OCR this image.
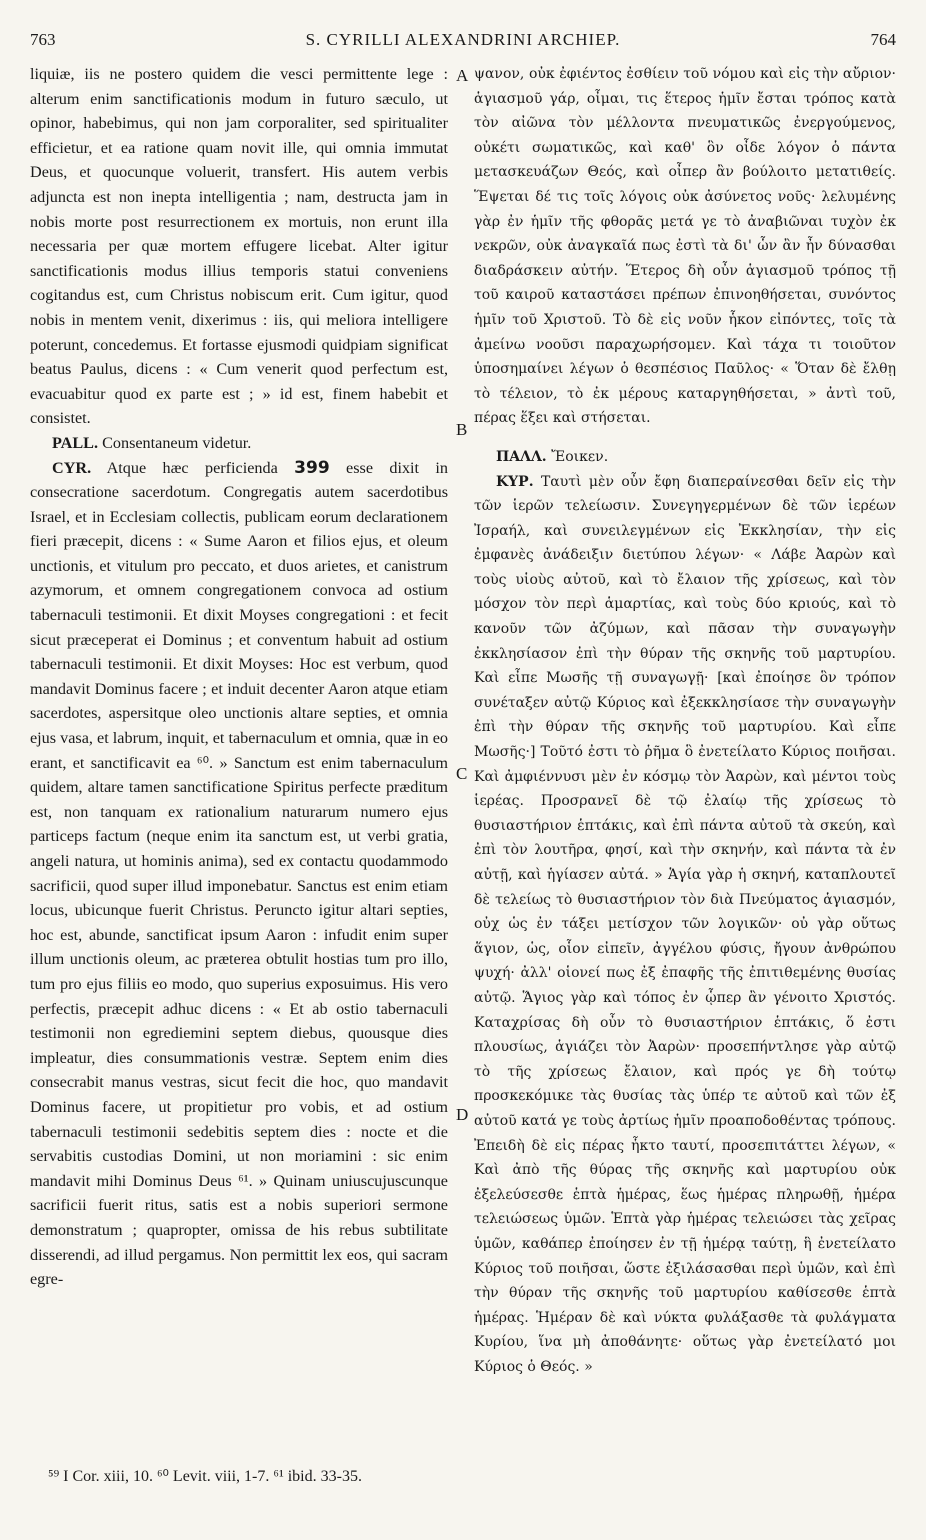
763	S. CYRILLI ALEXANDRINI ARCHIEP.	764

liquiæ, iis ne postero quidem die vesci permittente lege : alterum enim sanctificationis modum in futuro sæculo, ut opinor, habebimus, qui non jam corporaliter, sed spiritualiter efficietur, et ea ratione quam novit ille, qui omnia immutat Deus, et quocunque voluerit, transfert. His autem verbis adjuncta est non inepta intelligentia ; nam, destructa jam in nobis morte post resurrectionem ex mortuis, non erunt illa necessaria per quæ mortem effugere licebat. Alter igitur sanctificationis modus illius temporis statui conveniens cogitandus est, cum Christus nobiscum erit. Cum igitur, quod nobis in mentem venit, dixerimus : iis, qui meliora intelligere poterunt, concedemus. Et fortasse ejusmodi quidpiam significat beatus Paulus, dicens : « Cum venerit quod perfectum est, evacuabitur quod ex parte est ; » id est, finem habebit et consistet.

PALL. Consentaneum videtur.

CYR. Atque hæc perficienda 399 esse dixit in consecratione sacerdotum. Congregatis autem sacerdotibus Israel, et in Ecclesiam collectis, publicam eorum declarationem fieri præcepit, dicens : « Sume Aaron et filios ejus, et oleum unctionis, et vitulum pro peccato, et duos arietes, et canistrum azymorum, et omnem congregationem convoca ad ostium tabernaculi testimonii. Et dixit Moyses congregationi : et fecit sicut præceperat ei Dominus ; et conventum habuit ad ostium tabernaculi testimonii. Et dixit Moyses: Hoc est verbum, quod mandavit Dominus facere ; et induit decenter Aaron atque etiam sacerdotes, aspersitque oleo unctionis altare septies, et omnia ejus vasa, et labrum, inquit, et tabernaculum et omnia, quæ in eo erant, et sanctificavit ea ⁶⁰. » Sanctum est enim tabernaculum quidem, altare tamen sanctificatione Spiritus perfecte præditum est, non tanquam ex rationalium naturarum numero ejus particeps factum (neque enim ita sanctum est, ut verbi gratia, angeli natura, ut hominis anima), sed ex contactu quodammodo sacrificii, quod super illud imponebatur. Sanctus est enim etiam locus, ubicunque fuerit Christus. Peruncto igitur altari septies, hoc est, abunde, sanctificat ipsum Aaron : infudit enim super illum unctionis oleum, ac præterea obtulit hostias tum pro illo, tum pro ejus filiis eo modo, quo superius exposuimus. His vero perfectis, præcepit adhuc dicens : « Et ab ostio tabernaculi testimonii non egrediemini septem diebus, quousque dies impleatur, dies consummationis vestræ. Septem enim dies consecrabit manus vestras, sicut fecit die hoc, quo mandavit Dominus facere, ut propitietur pro vobis, et ad ostium tabernaculi testimonii sedebitis septem dies : nocte et die servabitis custodias Domini, ut non moriamini : sic enim mandavit mihi Dominus Deus ⁶¹. » Quinam uniuscujuscunque sacrificii fuerit ritus, satis est a nobis superiori sermone demonstratum ; quapropter, omissa de his rebus subtilitate disserendi, ad illud pergamus. Non permittit lex eos, qui sacram egre-

A
B
C
D

ψανον, οὐκ ἐφιέντος ἐσθίειν τοῦ νόμου καὶ εἰς τὴν αὔριον· ἁγιασμοῦ γάρ, οἶμαι, τις ἕτερος ἡμῖν ἔσται τρόπος κατὰ τὸν αἰῶνα τὸν μέλλοντα πνευματικῶς ἐνεργούμενος, οὐκέτι σωματικῶς, καὶ καθ' ὃν οἶδε λόγον ὁ πάντα μετασκευάζων Θεός, καὶ οἶπερ ἂν βούλοιτο μετατιθείς. Ἕψεται δέ τις τοῖς λόγοις οὐκ ἀσύνετος νοῦς· λελυμένης γὰρ ἐν ἡμῖν τῆς φθορᾶς μετά γε τὸ ἀναβιῶναι τυχὸν ἐκ νεκρῶν, οὐκ ἀναγκαῖά πως ἐστὶ τὰ δι' ὧν ἂν ἦν δύνασθαι διαδράσκειν αὐτήν. Ἕτερος δὴ οὖν ἁγιασμοῦ τρόπος τῇ τοῦ καιροῦ καταστάσει πρέπων ἐπινοηθήσεται, συνόντος ἡμῖν τοῦ Χριστοῦ. Τὸ δὲ εἰς νοῦν ἧκον εἰπόντες, τοῖς τὰ ἀμείνω νοοῦσι παραχωρήσομεν. Καὶ τάχα τι τοιοῦτον ὑποσημαίνει λέγων ὁ θεσπέσιος Παῦλος· « Ὅταν δὲ ἔλθῃ τὸ τέλειον, τὸ ἐκ μέρους καταργηθήσεται, » ἀντὶ τοῦ, πέρας ἕξει καὶ στήσεται.

ΠΑΛΛ. Ἔοικεν.

ΚΥΡ. Ταυτὶ μὲν οὖν ἔφη διαπεραίνεσθαι δεῖν εἰς τὴν τῶν ἱερῶν τελείωσιν. Συνεγηγερμένων δὲ τῶν ἱερέων Ἰσραήλ, καὶ συνειλεγμένων εἰς Ἐκκλησίαν, τὴν εἰς ἐμφανὲς ἀνάδειξιν διετύπου λέγων· « Λάβε Ἀαρὼν καὶ τοὺς υἱοὺς αὐτοῦ, καὶ τὸ ἔλαιον τῆς χρίσεως, καὶ τὸν μόσχον τὸν περὶ ἁμαρτίας, καὶ τοὺς δύο κριούς, καὶ τὸ κανοῦν τῶν ἀζύμων, καὶ πᾶσαν τὴν συναγωγὴν ἐκκλησίασον ἐπὶ τὴν θύραν τῆς σκηνῆς τοῦ μαρτυρίου. Καὶ εἶπε Μωσῆς τῇ συναγωγῇ· [καὶ ἐποίησε ὃν τρόπον συνέταξεν αὐτῷ Κύριος καὶ ἐξεκκλησίασε τὴν συναγωγὴν ἐπὶ τὴν θύραν τῆς σκηνῆς τοῦ μαρτυρίου. Καὶ εἶπε Μωσῆς·] Τοῦτό ἐστι τὸ ῥῆμα ὃ ἐνετείλατο Κύριος ποιῆσαι. Καὶ ἀμφιέννυσι μὲν ἐν κόσμῳ τὸν Ἀαρὼν, καὶ μέντοι τοὺς ἱερέας. Προσρανεῖ δὲ τῷ ἐλαίῳ τῆς χρίσεως τὸ θυσιαστήριον ἑπτάκις, καὶ ἐπὶ πάντα αὐτοῦ τὰ σκεύη, καὶ ἐπὶ τὸν λουτῆρα, φησί, καὶ τὴν σκηνήν, καὶ πάντα τὰ ἐν αὐτῇ, καὶ ἡγίασεν αὐτά. » Ἁγία γὰρ ἡ σκηνή, καταπλουτεῖ δὲ τελείως τὸ θυσιαστήριον τὸν διὰ Πνεύματος ἁγιασμόν, οὐχ ὡς ἐν τάξει μετίσχον τῶν λογικῶν· οὐ γὰρ οὕτως ἅγιον, ὡς, οἷον εἰπεῖν, ἀγγέλου φύσις, ἤγουν ἀνθρώπου ψυχή· ἀλλ' οἱονεί πως ἐξ ἐπαφῆς τῆς ἐπιτιθεμένης θυσίας αὐτῷ. Ἅγιος γὰρ καὶ τόπος ἐν ᾧπερ ἂν γένοιτο Χριστός. Καταχρίσας δὴ οὖν τὸ θυσιαστήριον ἑπτάκις, ὅ ἐστι πλουσίως, ἁγιάζει τὸν Ἀαρὼν· προσεπήντλησε γὰρ αὐτῷ τὸ τῆς χρίσεως ἔλαιον, καὶ πρός γε δὴ τούτῳ προσκεκόμικε τὰς θυσίας τὰς ὑπέρ τε αὐτοῦ καὶ τῶν ἐξ αὐτοῦ κατά γε τοὺς ἀρτίως ἡμῖν προαποδοθέντας τρόπους. Ἐπειδὴ δὲ εἰς πέρας ἧκτο ταυτί, προσεπιτάττει λέγων, « Καὶ ἀπὸ τῆς θύρας τῆς σκηνῆς καὶ μαρτυρίου οὐκ ἐξελεύσεσθε ἑπτὰ ἡμέρας, ἕως ἡμέρας πληρωθῇ, ἡμέρα τελειώσεως ὑμῶν. Ἑπτὰ γὰρ ἡμέρας τελειώσει τὰς χεῖρας ὑμῶν, καθάπερ ἐποίησεν ἐν τῇ ἡμέρᾳ ταύτῃ, ἣ ἐνετείλατο Κύριος τοῦ ποιῆσαι, ὥστε ἐξιλάσασθαι περὶ ὑμῶν, καὶ ἐπὶ τὴν θύραν τῆς σκηνῆς τοῦ μαρτυρίου καθίσεσθε ἑπτὰ ἡμέρας. Ἡμέραν δὲ καὶ νύκτα φυλάξασθε τὰ φυλάγματα Κυρίου, ἵνα μὴ ἀποθάνητε· οὕτως γὰρ ἐνετείλατό μοι Κύριος ὁ Θεός. »

⁵⁹ I Cor. xiii, 10. ⁶⁰ Levit. viii, 1-7. ⁶¹ ibid. 33-35.
